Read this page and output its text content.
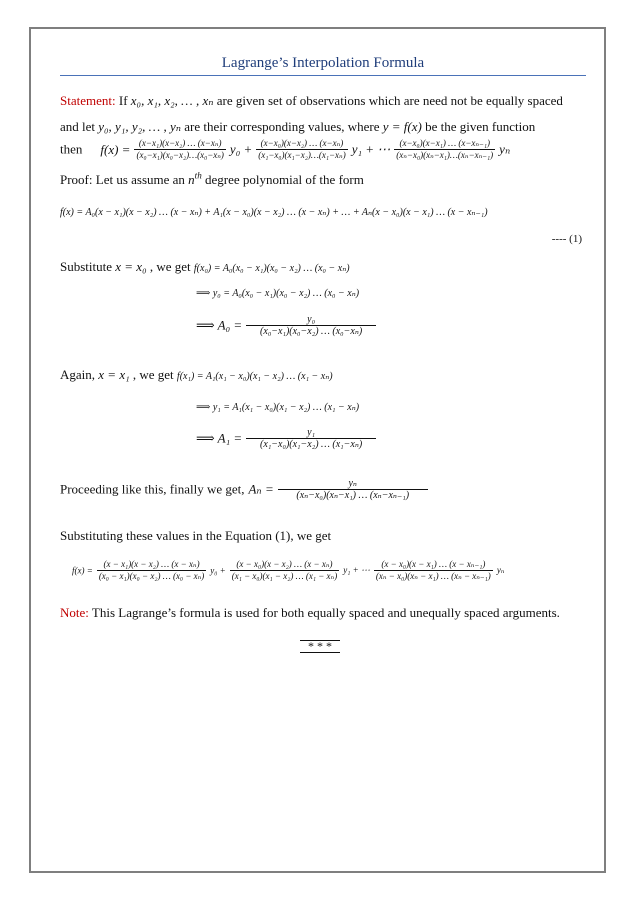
Lagrange’s Interpolation Formula
Statement: If x₀, x₁, x₂, … , xₙ are given set of observations which are need not be equally spaced
and let y₀, y₁, y₂, … , yₙ are their corresponding values, where y = f(x) be the given function
then $f(x) = \frac{\text{(x−x₁)(x−x₂) … (x−xₙ)}}{\text{(x₀−x₁)(x₀−x₂)…(x₀−xₙ)}} y_0 + \frac{\text{(x−x₀)(x−x₂) … (x−xₙ)}}{\text{(x₁−x₀)(x₁−x₂)…(x₁−xₙ)}} y_1$ + ⋯ $\frac{\text{(x−x₀)(x−x₁) … (x−xₙ₋₁)}}{\text{(xₙ−x₀)(xₙ−x₁)…(xₙ−xₙ₋₁)}}$ yₙ
Proof: Let us assume an $n^{th}$ degree polynomial of the form
f(x) = A₀(x − x₁)(x − x₂) … (x − xₙ) + A₁(x − x₀)(x − x₂) … (x − xₙ) + … + Aₙ(x − x₀)(x − x₁) … (x − xₙ₋₁)
---- (1)
Substitute x = x₀ , we get f(x₀) = A₀(x₀ − x₁)(x₀ − x₂) … (x₀ − xₙ)
⟹ y₀ = A₀(x₀ − x₁)(x₀ − x₂) … (x₀ − xₙ)
⟹ $A_0 = \frac{\text{y₀}}{\text{(x₀−x₁)(x₀−x₂) … (x₀−xₙ)}}$
Again, x = x₁ , we get f(x₁) = A₁(x₁ − x₀)(x₁ − x₂) … (x₁ − xₙ)
⟹ y₁ = A₁(x₁ − x₀)(x₁ − x₂) … (x₁ − xₙ)
⟹ $A_1 = \frac{\text{y₁}}{\text{(x₁−x₀)(x₁−x₂) … (x₁−xₙ)}}$
Proceeding like this, finally we get, $A_n = \frac{\text{yₙ}}{\text{(xₙ−x₀)(xₙ−x₁) … (xₙ−xₙ₋₁)}}$
Substituting these values in the Equation (1), we get
$f(x) = \frac{\text{(x − x₁)(x − x₂) … (x − xₙ)}}{\text{(x₀ − x₁)(x₀ − x₂) … (x₀ − xₙ)}} y_0 + \frac{\text{(x − x₀)(x − x₂) … (x − xₙ)}}{\text{(x₁ − x₀)(x₁ − x₂) … (x₁ − xₙ)}} y_1$ + ⋯ $\frac{\text{(x − x₀)(x − x₁) … (x − xₙ₋₁)}}{\text{(xₙ − x₀)(xₙ − x₁) … (xₙ − xₙ₋₁)}}$ yₙ
Note: This Lagrange’s formula is used for both equally spaced and unequally spaced arguments.
* * *
